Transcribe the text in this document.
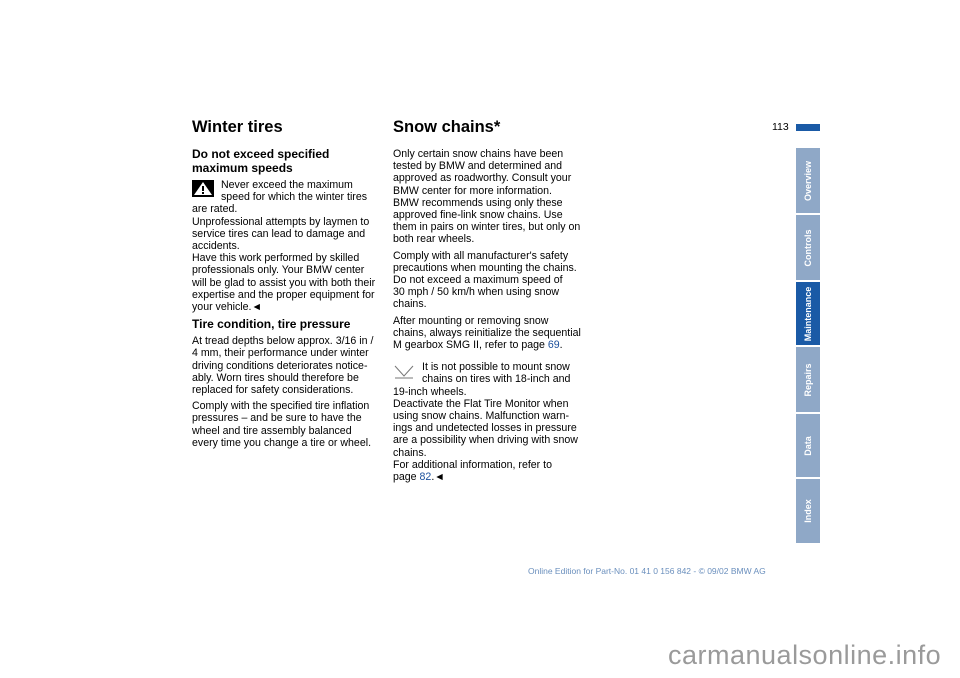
Winter tires
Do not exceed specified
maximum speeds

Never exceed the maximum
speed for which the winter tires
are rated.

Unprofessional attempts by laymen to
service tires can lead to damage and
accidents.

Have this work performed by skilled
professionals only. Your BMW center
will be glad to assist you with both their
expertise and the proper equipment for
your vehicle.◄

Tire condition, tire pressure

At tread depths below approx. 3/16 in /
4 mm, their performance under winter
driving conditions deteriorates notice-
ably. Worn tires should therefore be
replaced for safety considerations.

Comply with the specified tire inflation
pressures – and be sure to have the
wheel and tire assembly balanced
every time you change a tire or wheel.

Snow chains*

Only certain snow chains have been
tested by BMW and determined and
approved as roadworthy. Consult your
BMW center for more information.
BMW recommends using only these
approved fine-link snow chains. Use
them in pairs on winter tires, but only on
both rear wheels.

Comply with all manufacturer's safety
precautions when mounting the chains.
Do not exceed a maximum speed of
30 mph / 50 km/h when using snow
chains.

After mounting or removing snow
chains, always reinitialize the sequential
M gearbox SMG II, refer to page 69.

It is not possible to mount snow
chains on tires with 18-inch and
19-inch wheels.

Deactivate the Flat Tire Monitor when
using snow chains. Malfunction warn-
ings and undetected losses in pressure
are a possibility when driving with snow
chains.

For additional information, refer to
page 82.◄

113
Overview
Controls
Maintenance
Repairs
Data
Index
Online Edition for Part-No. 01 41 0 156 842 - © 09/02 BMW AG
carmanualsonline.info
